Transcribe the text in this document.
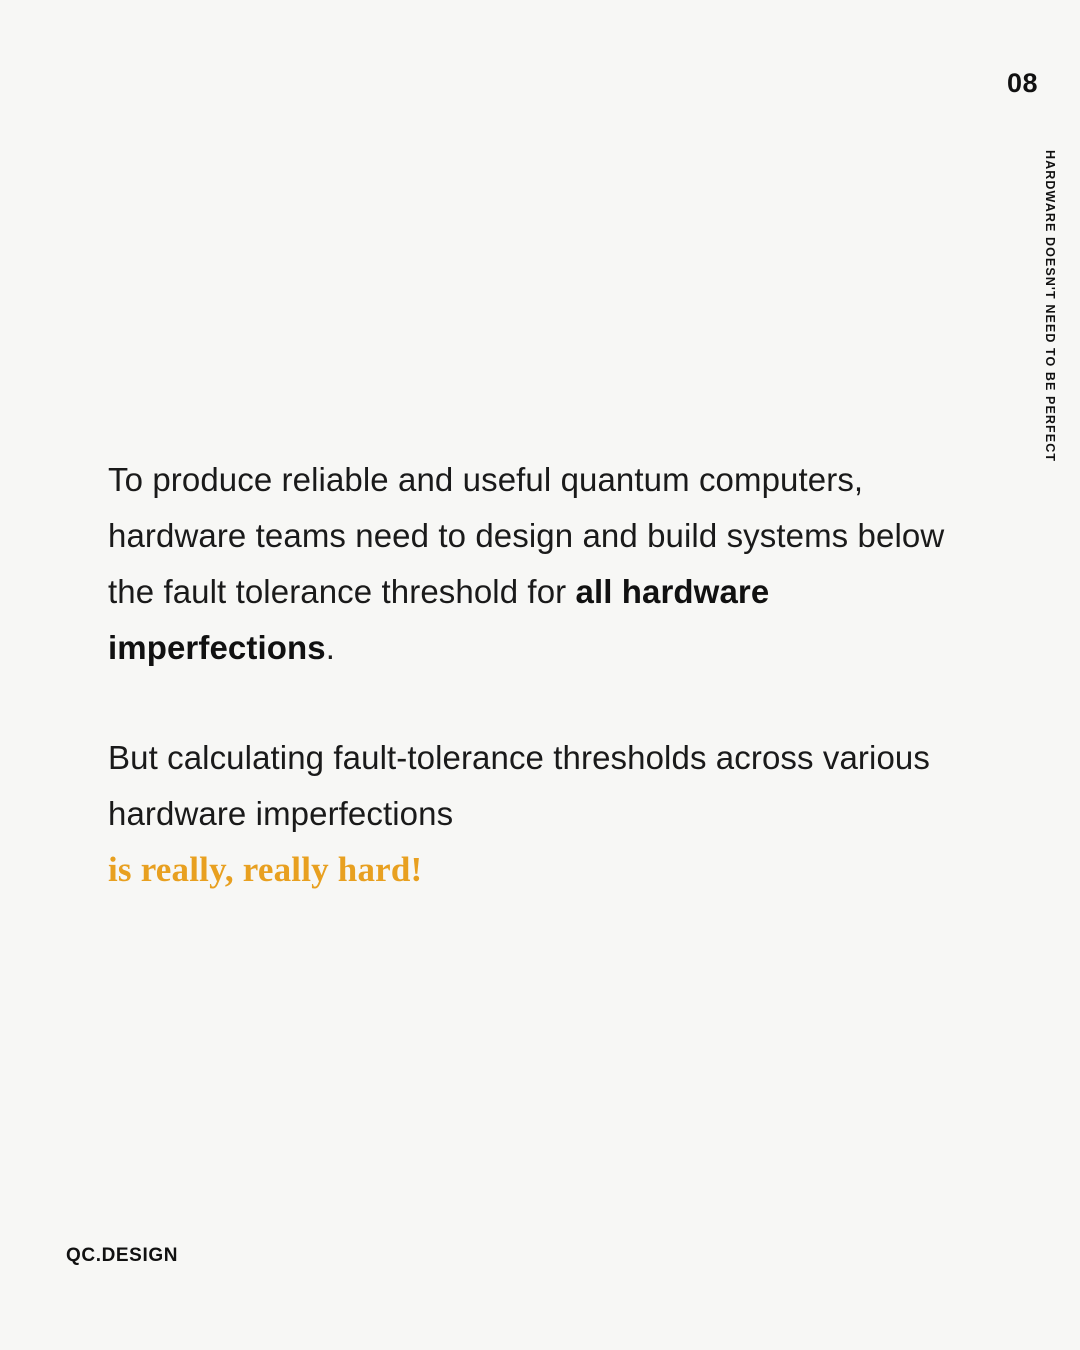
08
HARDWARE DOESN'T NEED TO BE PERFECT

To produce reliable and useful quantum computers, hardware teams need to design and build systems below the fault tolerance threshold for all hardware imperfections.

But calculating fault-tolerance thresholds across various hardware imperfections
is really, really hard!

QC.DESIGN
